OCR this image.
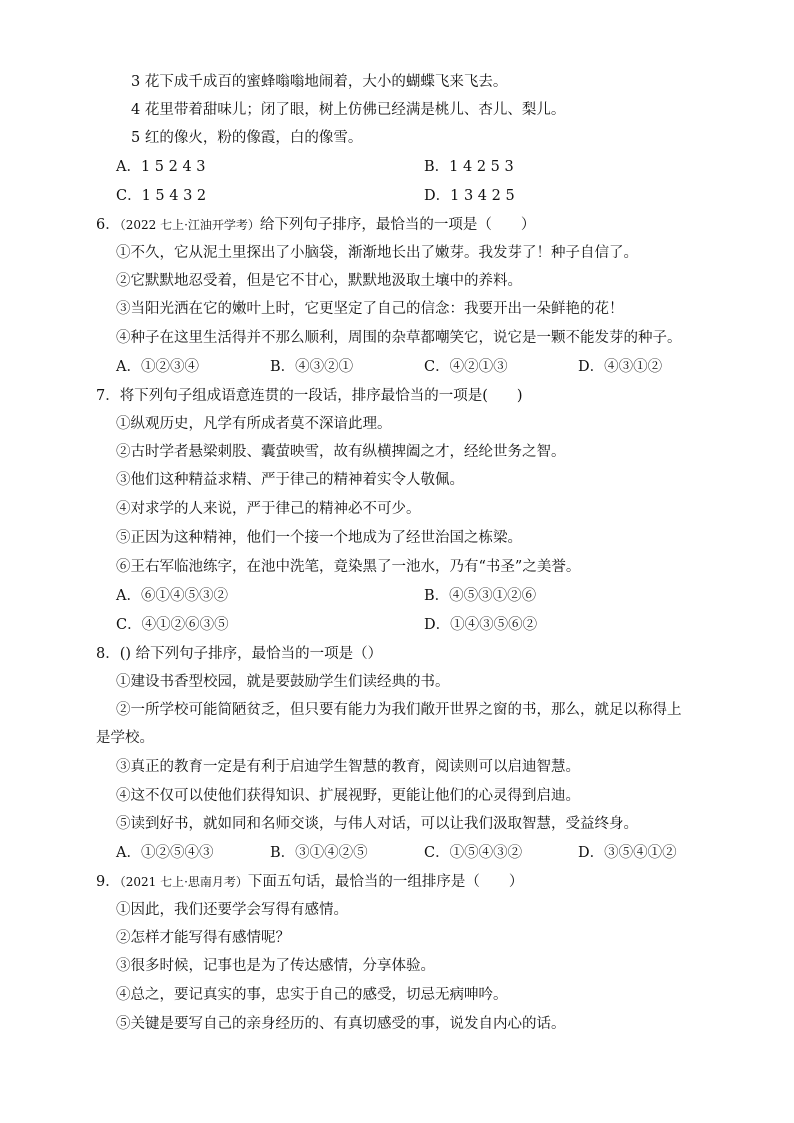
3 花下成千成百的蜜蜂嗡嗡地闹着，大小的蝴蝶飞来飞去。
4 花里带着甜味儿；闭了眼，树上仿佛已经满是桃儿、杏儿、梨儿。
5 红的像火，粉的像霞，白的像雪。
A．1 5 2 4 3	B．1 4 2 5 3
C．1 5 4 3 2	D．1 3 4 2 5
6．（2022 七上·江油开学考）给下列句子排序，最恰当的一项是（　　）
①不久，它从泥土里探出了小脑袋，渐渐地长出了嫩芽。我发芽了！种子自信了。
②它默默地忍受着，但是它不甘心，默默地汲取土壤中的养料。
③当阳光洒在它的嫩叶上时，它更坚定了自己的信念：我要开出一朵鲜艳的花！
④种子在这里生活得并不那么顺利，周围的杂草都嘲笑它，说它是一颗不能发芽的种子。
A．①②③④	B．④③②①	C．④②①③	D．④③①②
7．将下列句子组成语意连贯的一段话，排序最恰当的一项是(　　)
①纵观历史，凡学有所成者莫不深谙此理。
②古时学者悬梁刺股、囊萤映雪，故有纵横捭阖之才，经纶世务之智。
③他们这种精益求精、严于律己的精神着实令人敬佩。
④对求学的人来说，严于律己的精神必不可少。
⑤正因为这种精神，他们一个接一个地成为了经世治国之栋梁。
⑥王右军临池练字，在池中洗笔，竟染黑了一池水，乃有“书圣”之美誉。
A．⑥①④⑤③②	B．④⑤③①②⑥
C．④①②⑥③⑤	D．①④③⑤⑥②
8．() 给下列句子排序，最恰当的一项是（）
①建设书香型校园，就是要鼓励学生们读经典的书。
②一所学校可能简陋贫乏，但只要有能力为我们敞开世界之窗的书，那么，就足以称得上
是学校。
③真正的教育一定是有利于启迪学生智慧的教育，阅读则可以启迪智慧。
④这不仅可以使他们获得知识、扩展视野，更能让他们的心灵得到启迪。
⑤读到好书，就如同和名师交谈，与伟人对话，可以让我们汲取智慧，受益终身。
A．①②⑤④③	B．③①④②⑤	C．①⑤④③②	D．③⑤④①②
9．（2021 七上·思南月考）下面五句话，最恰当的一组排序是（　　）
①因此，我们还要学会写得有感情。
②怎样才能写得有感情呢？
③很多时候，记事也是为了传达感情，分享体验。
④总之，要记真实的事，忠实于自己的感受，切忌无病呻吟。
⑤关键是要写自己的亲身经历的、有真切感受的事，说发自内心的话。
